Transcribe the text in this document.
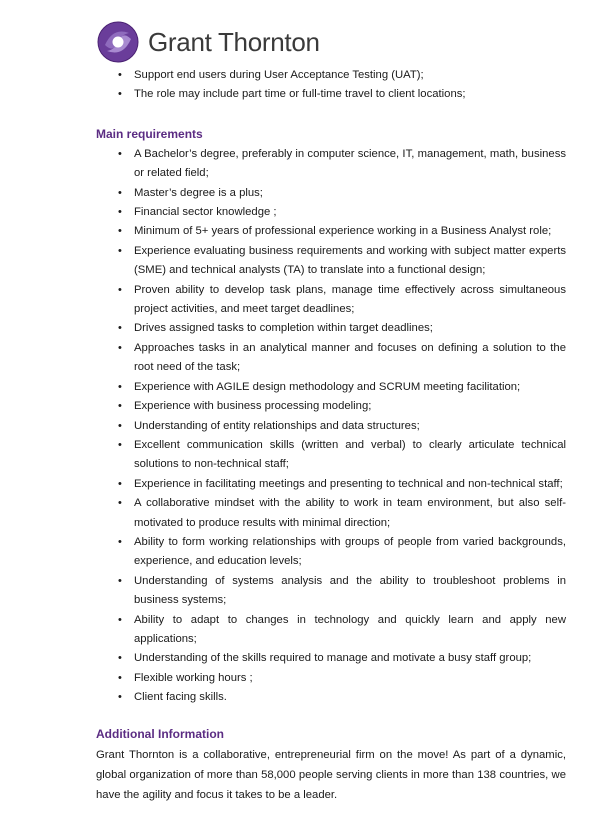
Grant Thornton
• Support end users during User Acceptance Testing (UAT);
• The role may include part time or full-time travel to client locations;
Main requirements
• A Bachelor’s degree, preferably in computer science, IT, management, math, business or related field;
• Master’s degree is a plus;
• Financial sector knowledge ;
• Minimum of 5+ years of professional experience working in a Business Analyst role;
• Experience evaluating business requirements and working with subject matter experts (SME) and technical analysts (TA) to translate into a functional design;
• Proven ability to develop task plans, manage time effectively across simultaneous project activities, and meet target deadlines;
• Drives assigned tasks to completion within target deadlines;
• Approaches tasks in an analytical manner and focuses on defining a solution to the root need of the task;
• Experience with AGILE design methodology and SCRUM meeting facilitation;
• Experience with business processing modeling;
• Understanding of entity relationships and data structures;
• Excellent communication skills (written and verbal) to clearly articulate technical solutions to non-technical staff;
• Experience in facilitating meetings and presenting to technical and non-technical staff;
• A collaborative mindset with the ability to work in team environment, but also self-motivated to produce results with minimal direction;
• Ability to form working relationships with groups of people from varied backgrounds, experience, and education levels;
• Understanding of systems analysis and the ability to troubleshoot problems in business systems;
• Ability to adapt to changes in technology and quickly learn and apply new applications;
• Understanding of the skills required to manage and motivate a busy staff group;
• Flexible working hours ;
• Client facing skills.
Additional Information

Grant Thornton is a collaborative, entrepreneurial firm on the move! As part of a dynamic, global organization of more than 58,000 people serving clients in more than 138 countries, we have the agility and focus it takes to be a leader.
